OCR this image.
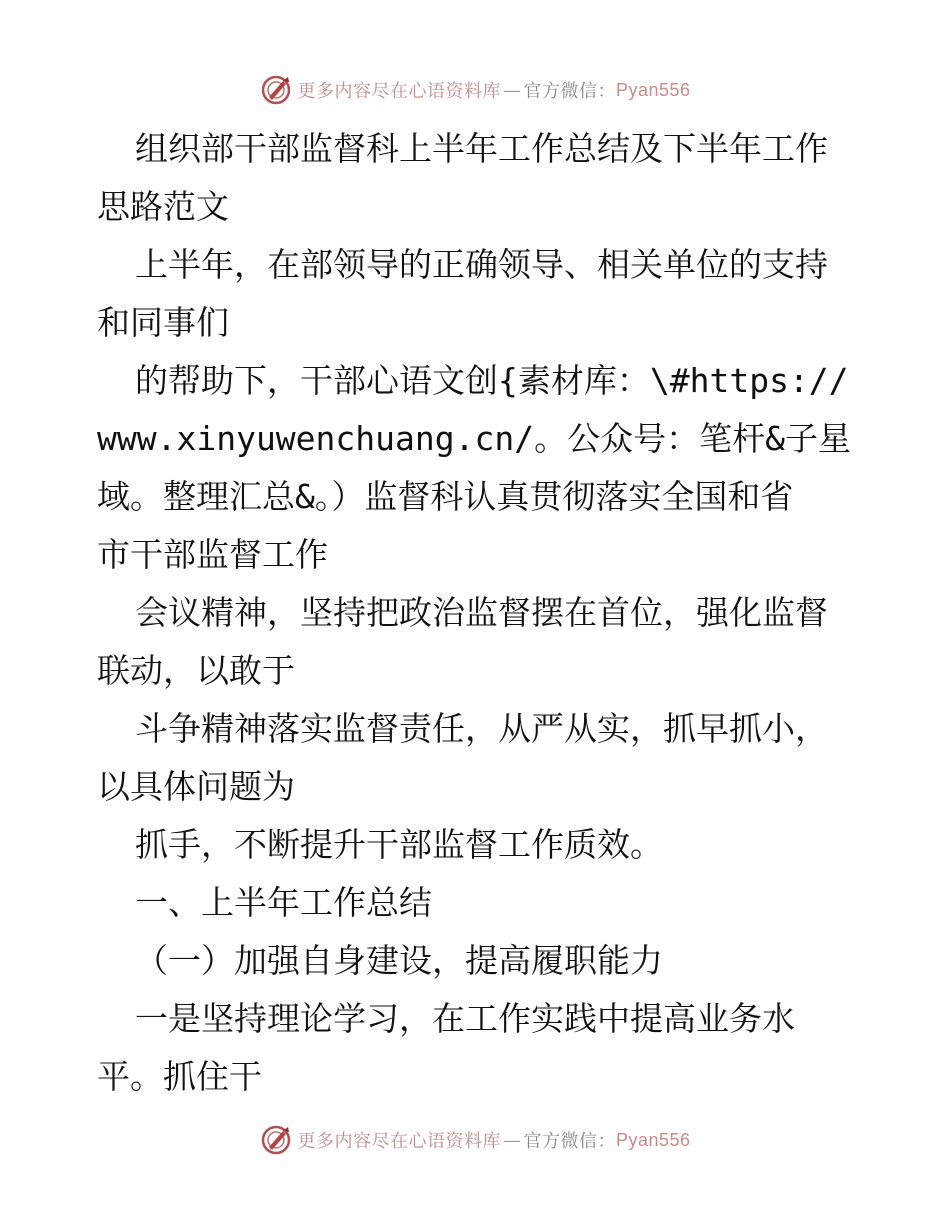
更多内容尽在心语资料库 — 官方微信： Pyan556
组织部干部监督科上半年工作总结及下半年工作
思路范文
上半年，在部领导的正确领导、相关单位的支持
和同事们
的帮助下，干部心语文创{素材库：\#https://
www.xinyuwenchuang.cn/。公众号：笔杆&子星
域。整理汇总&。）监督科认真贯彻落实全国和省
市干部监督工作
会议精神，坚持把政治监督摆在首位，强化监督
联动，以敢于
斗争精神落实监督责任，从严从实，抓早抓小，
以具体问题为
抓手，不断提升干部监督工作质效。
一、上半年工作总结
（一）加强自身建设，提高履职能力
一是坚持理论学习，在工作实践中提高业务水
平。抓住干
更多内容尽在心语资料库 — 官方微信： Pyan556
